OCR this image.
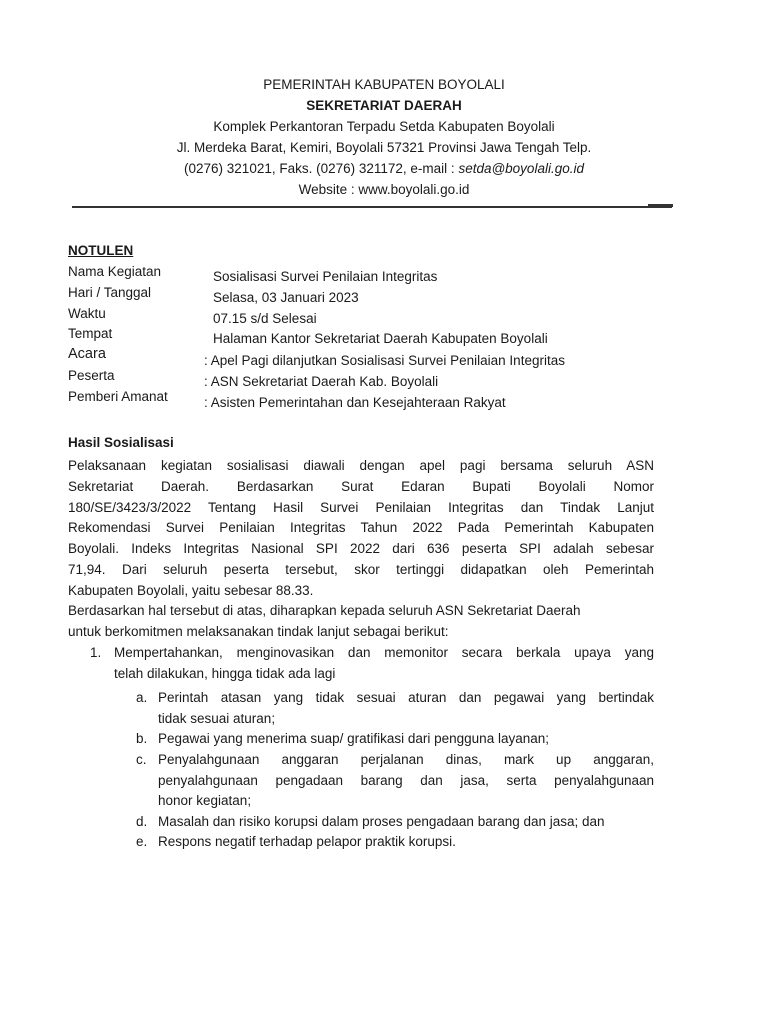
PEMERINTAH KABUPATEN BOYOLALI
SEKRETARIAT DAERAH
Komplek Perkantoran Terpadu Setda Kabupaten Boyolali
Jl. Merdeka Barat, Kemiri, Boyolali 57321 Provinsi Jawa Tengah Telp.
(0276) 321021, Faks. (0276) 321172, e-mail : setda@boyolali.go.id
Website : www.boyolali.go.id
NOTULEN
Nama Kegiatan	Sosialisasi Survei Penilaian Integritas
Hari / Tanggal	Selasa, 03 Januari 2023
Waktu	07.15 s/d Selesai
Tempat	Halaman Kantor Sekretariat Daerah Kabupaten Boyolali
Acara	: Apel Pagi dilanjutkan Sosialisasi Survei Penilaian Integritas
Peserta	: ASN Sekretariat Daerah Kab. Boyolali
Pemberi Amanat	: Asisten Pemerintahan dan Kesejahteraan Rakyat
Hasil Sosialisasi
Pelaksanaan kegiatan sosialisasi diawali dengan apel pagi bersama seluruh ASN
Sekretariat Daerah. Berdasarkan Surat Edaran Bupati Boyolali Nomor
180/SE/3423/3/2022 Tentang Hasil Survei Penilaian Integritas dan Tindak Lanjut
Rekomendasi Survei Penilaian Integritas Tahun 2022 Pada Pemerintah Kabupaten
Boyolali. Indeks Integritas Nasional SPI 2022 dari 636 peserta SPI adalah sebesar
71,94. Dari seluruh peserta tersebut, skor tertinggi didapatkan oleh Pemerintah
Kabupaten Boyolali, yaitu sebesar 88.33.
Berdasarkan hal tersebut di atas, diharapkan kepada seluruh ASN Sekretariat Daerah
untuk berkomitmen melaksanakan tindak lanjut sebagai berikut:
1. Mempertahankan, menginovasikan dan memonitor secara berkala upaya yang
telah dilakukan, hingga tidak ada lagi
a. Perintah atasan yang tidak sesuai aturan dan pegawai yang bertindak
tidak sesuai aturan;
b. Pegawai yang menerima suap/ gratifikasi dari pengguna layanan;
c. Penyalahgunaan anggaran perjalanan dinas, mark up anggaran,
penyalahgunaan pengadaan barang dan jasa, serta penyalahgunaan
honor kegiatan;
d. Masalah dan risiko korupsi dalam proses pengadaan barang dan jasa; dan
e. Respons negatif terhadap pelapor praktik korupsi.
